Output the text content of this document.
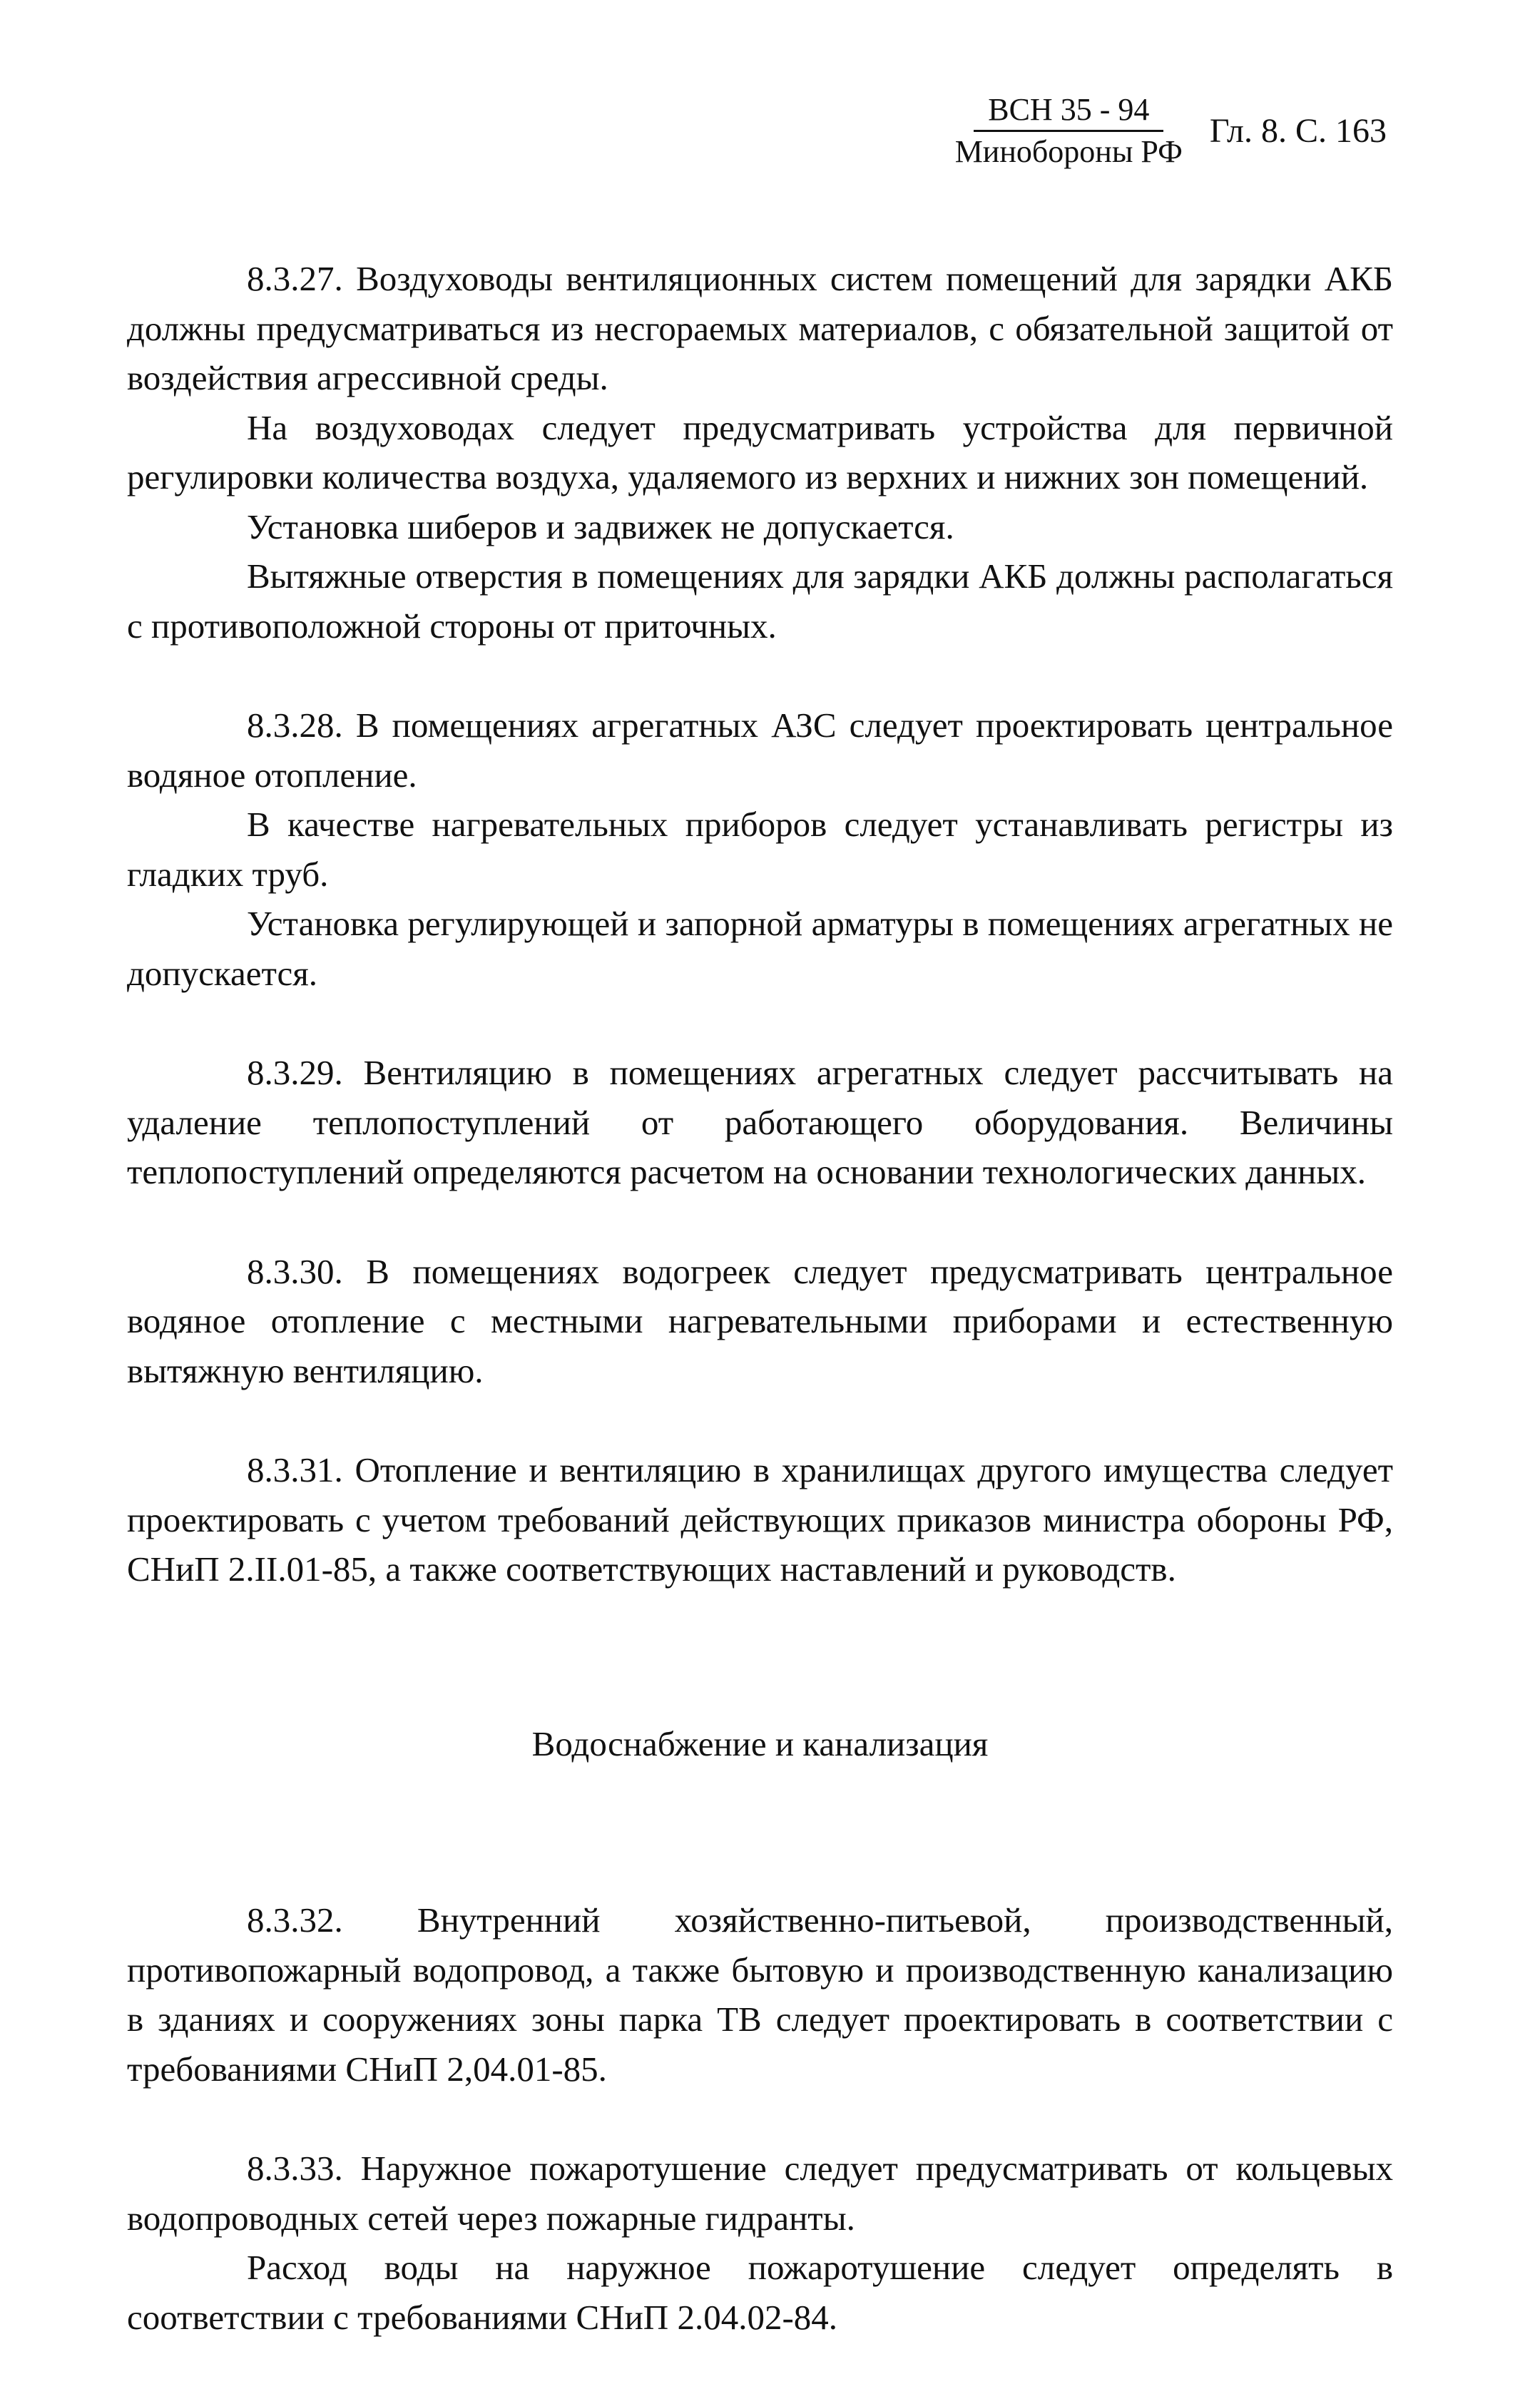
ВСН 35 - 94
Минобороны РФ
Гл. 8. С. 163

8.3.27. Воздуховоды вентиляционных систем помещений для зарядки АКБ должны предусматриваться из несгораемых материалов, с обязательной защитой от воздействия агрессивной среды.

На воздуховодах следует предусматривать устройства для первичной регулировки количества воздуха, удаляемого из верхних и нижних зон помещений.

Установка шиберов и задвижек не допускается.

Вытяжные отверстия в помещениях для зарядки АКБ должны располагаться с противоположной стороны от приточных.

8.3.28. В помещениях агрегатных АЗС следует проектировать центральное водяное отопление.

В качестве нагревательных приборов следует устанавливать регистры из гладких труб.

Установка регулирующей и запорной арматуры в помещениях агрегатных не допускается.

8.3.29. Вентиляцию в помещениях агрегатных следует рассчитывать на удаление теплопоступлений от работающего оборудования. Величины теплопоступлений определяются расчетом на основании технологических данных.

8.3.30. В помещениях водогреек следует предусматривать центральное водяное отопление с местными нагревательными приборами и естественную вытяжную вентиляцию.

8.3.31. Отопление и вентиляцию в хранилищах другого имущества следует проектировать с учетом требований действующих приказов министра обороны РФ, СНиП 2.II.01-85, а также соответствующих наставлений и руководств.

Водоснабжение и канализация

8.3.32. Внутренний хозяйственно-питьевой, производственный, противопожарный водопровод, а также бытовую и производственную канализацию в зданиях и сооружениях зоны парка ТВ следует проектировать в соответствии с требованиями СНиП 2,04.01-85.

8.3.33. Наружное пожаротушение следует предусматривать от кольцевых водопроводных сетей через пожарные гидранты.

Расход воды на наружное пожаротушение следует определять в соответствии с требованиями СНиП 2.04.02-84.
